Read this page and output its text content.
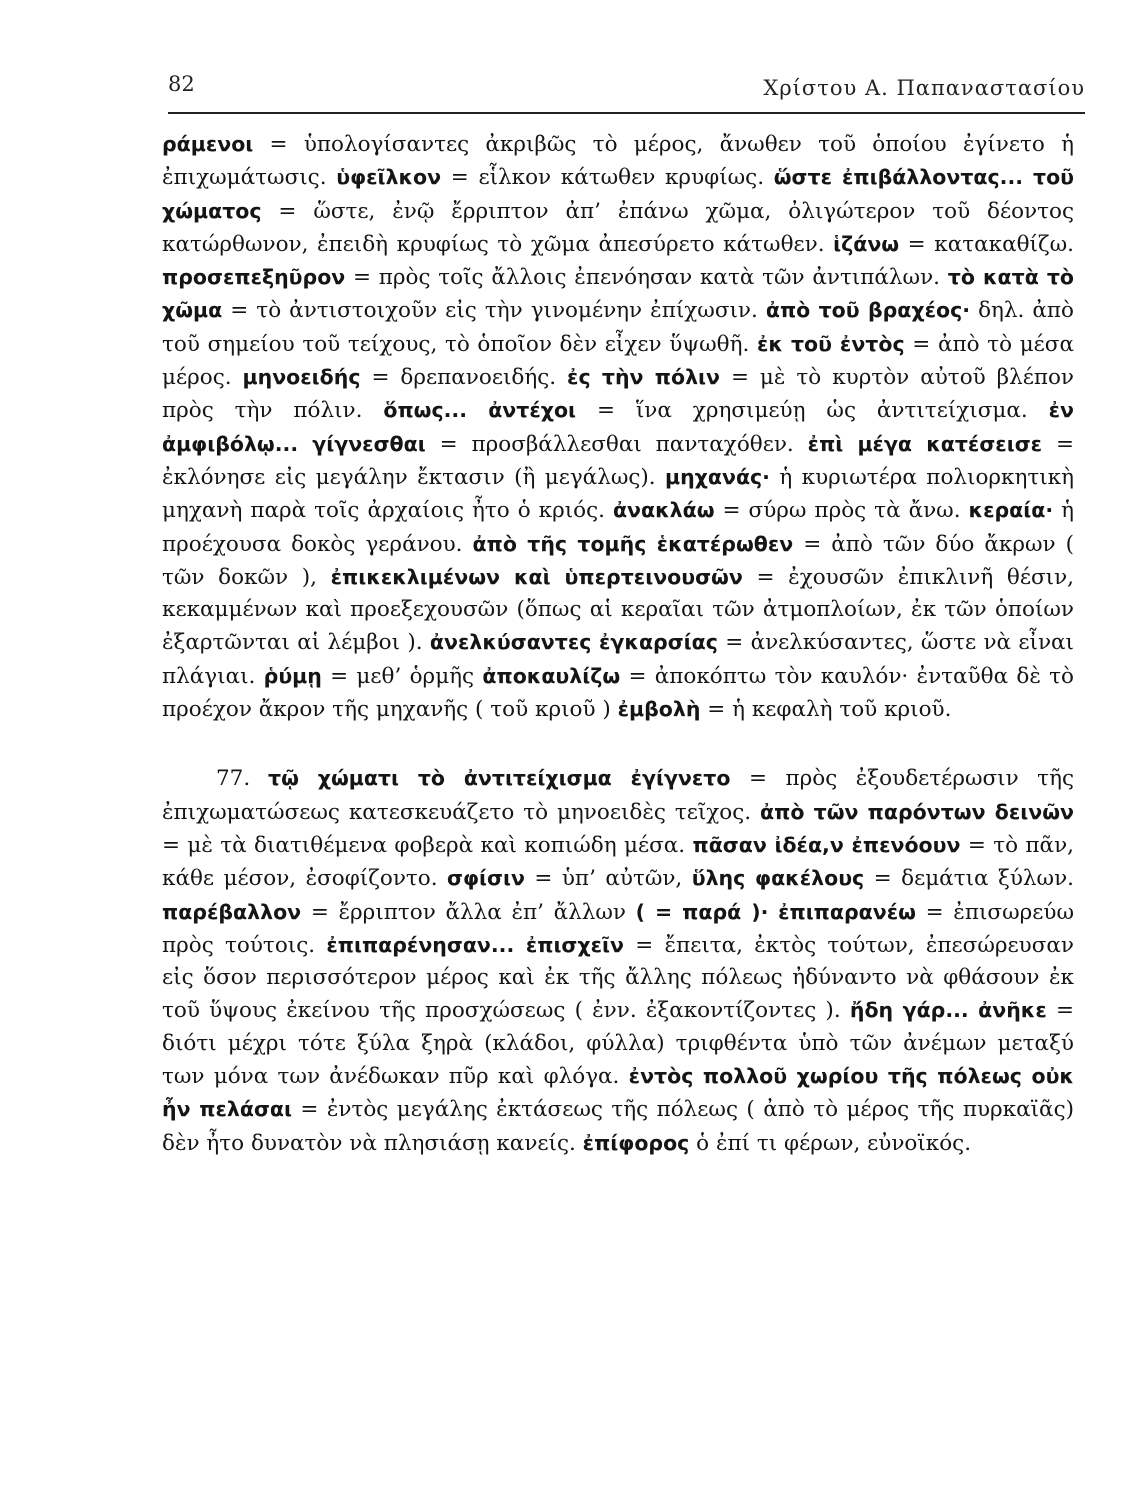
82	Χρίστου Α. Παπαναστασίου

ράμενοι = ὑπολογίσαντες ἀκριβῶς τὸ μέρος, ἄνωθεν τοῦ ὁποίου ἐγίνετο ἡ ἐπιχωμάτωσις. ὑφεῖλκον = εἷλκον κάτωθεν κρυφίως. ὥστε ἐπιβάλλοντας... τοῦ χώματος = ὥστε, ἐνῷ ἔρριπτον ἀπ’ ἐπάνω χῶμα, ὀλιγώτερον τοῦ δέοντος κατώρθωνον, ἐπειδὴ κρυφίως τὸ χῶμα ἀπεσύρετο κάτωθεν. ἱζάνω = κατακαθίζω. προσεπεξηῦρον = πρὸς τοῖς ἄλλοις ἐπενόησαν κατὰ τῶν ἀντιπάλων. τὸ κατὰ τὸ χῶμα = τὸ ἀντιστοιχοῦν εἰς τὴν γινομένην ἐπίχωσιν. ἀπὸ τοῦ βραχέος· δηλ. ἀπὸ τοῦ σημείου τοῦ τείχους, τὸ ὁποῖον δὲν εἶχεν ὕψωθῆ. ἐκ τοῦ ἐντὸς = ἀπὸ τὸ μέσα μέρος. μηνοειδής = δρεπανοειδής. ἐς τὴν πόλιν = μὲ τὸ κυρτὸν αὐτοῦ βλέπον πρὸς τὴν πόλιν. ὅπως... ἀντέχοι = ἵνα χρησιμεύῃ ὡς ἀντιτείχισμα. ἐν ἀμφιβόλῳ... γίγνεσθαι = προσβάλλεσθαι πανταχόθεν. ἐπὶ μέγα κατέσεισε = ἐκλόνησε εἰς μεγάλην ἔκτασιν (ἢ μεγάλως). μηχανάς· ἡ κυριωτέρα πολιορκητικὴ μηχανὴ παρὰ τοῖς ἀρχαίοις ἦτο ὁ κριός. ἀνακλάω = σύρω πρὸς τὰ ἄνω. κεραία· ἡ προέχουσα δοκὸς γεράνου. ἀπὸ τῆς τομῆς ἑκατέρωθεν = ἀπὸ τῶν δύο ἄκρων ( τῶν δοκῶν ), ἐπικεκλιμένων καὶ ὑπερτεινουσῶν = ἐχουσῶν ἐπικλινῆ θέσιν, κεκαμμένων καὶ προεξεχουσῶν (ὅπως αἱ κεραῖαι τῶν ἀτμοπλοίων, ἐκ τῶν ὁποίων ἐξαρτῶνται αἱ λέμβοι ). ἀνελκύσαντες ἐγκαρσίας = ἀνελκύσαντες, ὥστε νὰ εἶναι πλάγιαι. ῥύμῃ = μεθ’ ὁρμῆς ἀποκαυλίζω = ἀποκόπτω τὸν καυλόν· ἐνταῦθα δὲ τὸ προέχον ἄκρον τῆς μηχανῆς ( τοῦ κριοῦ ) ἐμβολὴ = ἡ κεφαλὴ τοῦ κριοῦ.

77. τῷ χώματι τὸ ἀντιτείχισμα ἐγίγνετο = πρὸς ἐξουδετέρωσιν τῆς ἐπιχωματώσεως κατεσκευάζετο τὸ μηνοειδὲς τεῖχος. ἀπὸ τῶν παρόντων δεινῶν = μὲ τὰ διατιθέμενα φοβερὰ καὶ κοπιώδη μέσα. πᾶσαν ἰδέα,ν ἐπενόουν = τὸ πᾶν, κάθε μέσον, ἐσοφίζοντο. σφίσιν = ὑπ’ αὐτῶν, ὕλης φακέλους = δεμάτια ξύλων. παρέβαλλον = ἔρριπτον ἄλλα ἐπ’ ἄλλων ( = παρά )· ἐπιπαρανέω = ἐπισωρεύω πρὸς τούτοις. ἐπιπαρένησαν... ἐπισχεῖν = ἔπειτα, ἐκτὸς τούτων, ἐπεσώρευσαν εἰς ὅσον περισσότερον μέρος καὶ ἐκ τῆς ἄλλης πόλεως ἠδύναντο νὰ φθάσουν ἐκ τοῦ ὕψους ἐκείνου τῆς προσχώσεως ( ἐνν. ἐξακοντίζοντες ). ἤδη γάρ... ἀνῆκε = διότι μέχρι τότε ξύλα ξηρὰ (κλάδοι, φύλλα) τριφθέντα ὑπὸ τῶν ἀνέμων μεταξύ των μόνα των ἀνέδωκαν πῦρ καὶ φλόγα. ἐντὸς πολλοῦ χωρίου τῆς πόλεως οὐκ ἦν πελάσαι = ἐντὸς μεγάλης ἐκτάσεως τῆς πόλεως ( ἀπὸ τὸ μέρος τῆς πυρκαϊᾶς) δὲν ἦτο δυνατὸν νὰ πλησιάσῃ κανείς. ἐπίφορος ὁ ἐπί τι φέρων, εὐνοϊκός.
